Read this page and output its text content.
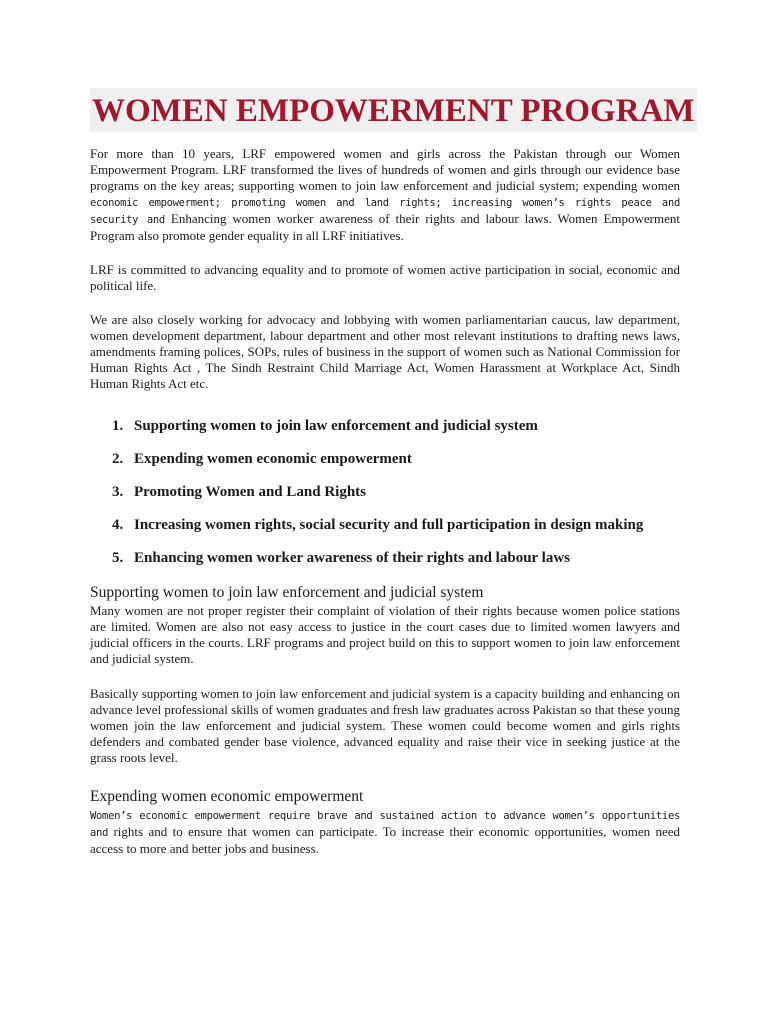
WOMEN EMPOWERMENT PROGRAM

For more than 10 years, LRF empowered women and girls across the Pakistan through our Women Empowerment Program. LRF transformed the lives of hundreds of women and girls through our evidence base programs on the key areas; supporting women to join law enforcement and judicial system; expending women economic empowerment; promoting women and land rights; increasing women’s rights peace and security and Enhancing women worker awareness of their rights and labour laws. Women Empowerment Program also promote gender equality in all LRF initiatives.

LRF is committed to advancing equality and to promote of women active participation in social, economic and political life.

We are also closely working for advocacy and lobbying with women parliamentarian caucus, law department, women development department, labour department and other most relevant institutions to drafting news laws, amendments framing polices, SOPs, rules of business in the support of women such as National Commission for Human Rights Act , The Sindh Restraint Child Marriage Act, Women Harassment at Workplace Act, Sindh Human Rights Act etc.

1. Supporting women to join law enforcement and judicial system
2. Expending women economic empowerment
3. Promoting Women and Land Rights
4. Increasing women rights, social security and full participation in design making
5. Enhancing women worker awareness of their rights and labour laws
Supporting women to join law enforcement and judicial system

Many women are not proper register their complaint of violation of their rights because women police stations are limited. Women are also not easy access to justice in the court cases due to limited women lawyers and judicial officers in the courts. LRF programs and project build on this to support women to join law enforcement and judicial system.

Basically supporting women to join law enforcement and judicial system is a capacity building and enhancing on advance level professional skills of women graduates and fresh law graduates across Pakistan so that these young women join the law enforcement and judicial system. These women could become women and girls rights defenders and combated gender base violence, advanced equality and raise their vice in seeking justice at the grass roots level.

Expending women economic empowerment

Women’s economic empowerment require brave and sustained action to advance women’s opportunities and rights and to ensure that women can participate. To increase their economic opportunities, women need access to more and better jobs and business.
